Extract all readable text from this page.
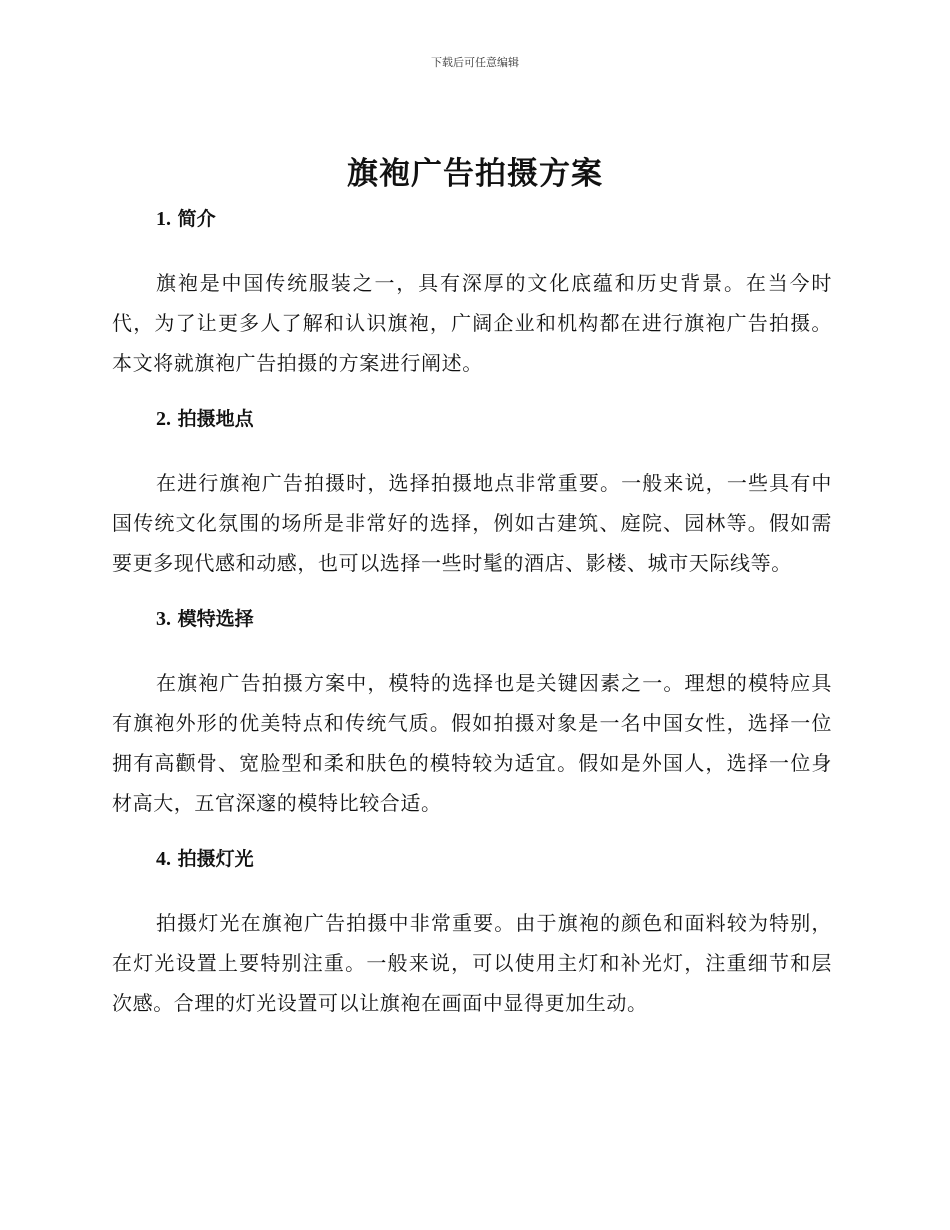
下载后可任意编辑
旗袍广告拍摄方案
1. 简介

旗袍是中国传统服装之一，具有深厚的文化底蕴和历史背景。在当今时代，为了让更多人了解和认识旗袍，广阔企业和机构都在进行旗袍广告拍摄。本文将就旗袍广告拍摄的方案进行阐述。

2. 拍摄地点

在进行旗袍广告拍摄时，选择拍摄地点非常重要。一般来说，一些具有中国传统文化氛围的场所是非常好的选择，例如古建筑、庭院、园林等。假如需要更多现代感和动感，也可以选择一些时髦的酒店、影楼、城市天际线等。

3. 模特选择

在旗袍广告拍摄方案中，模特的选择也是关键因素之一。理想的模特应具有旗袍外形的优美特点和传统气质。假如拍摄对象是一名中国女性，选择一位拥有高颧骨、宽脸型和柔和肤色的模特较为适宜。假如是外国人，选择一位身材高大，五官深邃的模特比较合适。

4. 拍摄灯光

拍摄灯光在旗袍广告拍摄中非常重要。由于旗袍的颜色和面料较为特别，在灯光设置上要特别注重。一般来说，可以使用主灯和补光灯，注重细节和层次感。合理的灯光设置可以让旗袍在画面中显得更加生动。
